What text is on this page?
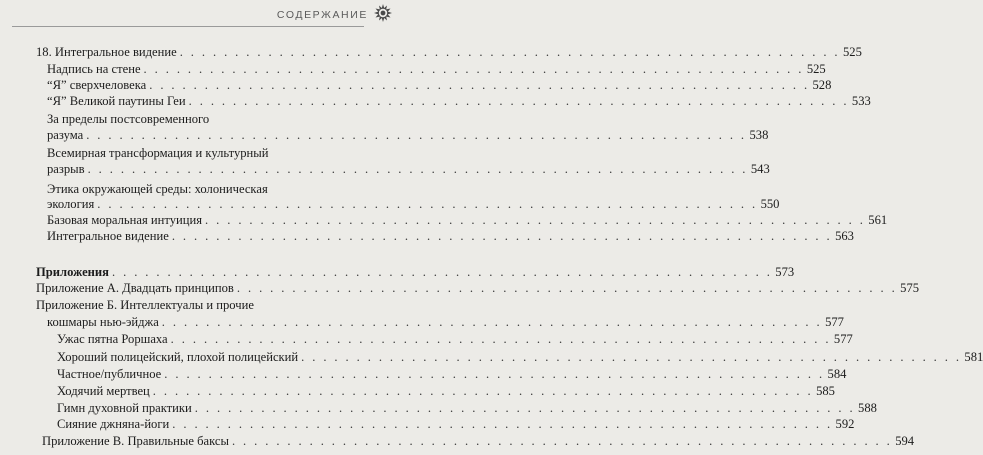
СОДЕРЖАНИЕ
18. Интегральное видение . . . . . . . . . . . . . . . . . . . . . . . . . . . . . . . . . . . . . . . . . . . . . . . . . . . . . . . . . . . . 525
Надпись на стене . . . . . . . . . . . . . . . . . . . . . . . . . . . . . . . . . . . . . . . . . . . . . . . . . . . . . . . . . . . . 525
“Я” сверхчеловека . . . . . . . . . . . . . . . . . . . . . . . . . . . . . . . . . . . . . . . . . . . . . . . . . . . . . . . . . . . . 528
“Я” Великой паутины Геи . . . . . . . . . . . . . . . . . . . . . . . . . . . . . . . . . . . . . . . . . . . . . . . . . . . . . . . . . . . . 533
За пределы постсовременного
разума . . . . . . . . . . . . . . . . . . . . . . . . . . . . . . . . . . . . . . . . . . . . . . . . . . . . . . . . . . . . 538
Всемирная трансформация и культурный
разрыв . . . . . . . . . . . . . . . . . . . . . . . . . . . . . . . . . . . . . . . . . . . . . . . . . . . . . . . . . . . . 543
Этика окружающей среды: холоническая
экология . . . . . . . . . . . . . . . . . . . . . . . . . . . . . . . . . . . . . . . . . . . . . . . . . . . . . . . . . . . . 550
Базовая моральная интуиция . . . . . . . . . . . . . . . . . . . . . . . . . . . . . . . . . . . . . . . . . . . . . . . . . . . . . . . . . . . . 561
Интегральное видение . . . . . . . . . . . . . . . . . . . . . . . . . . . . . . . . . . . . . . . . . . . . . . . . . . . . . . . . . . . . 563
Приложения . . . . . . . . . . . . . . . . . . . . . . . . . . . . . . . . . . . . . . . . . . . . . . . . . . . . . . . . . . . . 573
Приложение А. Двадцать принципов . . . . . . . . . . . . . . . . . . . . . . . . . . . . . . . . . . . . . . . . . . . . . . . . . . . . . . . . . . . . 575
Приложение Б. Интеллектуалы и прочие
кошмары нью-эйджа . . . . . . . . . . . . . . . . . . . . . . . . . . . . . . . . . . . . . . . . . . . . . . . . . . . . . . . . . . . . 577
Ужас пятна Роршаха . . . . . . . . . . . . . . . . . . . . . . . . . . . . . . . . . . . . . . . . . . . . . . . . . . . . . . . . . . . . 577
Хороший полицейский, плохой полицейский . . . . . . . . . . . . . . . . . . . . . . . . . . . . . . . . . . . . . . . . . . . . . . . . . . . . . . . . . . . . 581
Частное/публичное . . . . . . . . . . . . . . . . . . . . . . . . . . . . . . . . . . . . . . . . . . . . . . . . . . . . . . . . . . . . 584
Ходячий мертвец . . . . . . . . . . . . . . . . . . . . . . . . . . . . . . . . . . . . . . . . . . . . . . . . . . . . . . . . . . . . 585
Гимн духовной практики . . . . . . . . . . . . . . . . . . . . . . . . . . . . . . . . . . . . . . . . . . . . . . . . . . . . . . . . . . . . 588
Сияние джняна-йоги . . . . . . . . . . . . . . . . . . . . . . . . . . . . . . . . . . . . . . . . . . . . . . . . . . . . . . . . . . . . 592
Приложение В. Правильные баксы . . . . . . . . . . . . . . . . . . . . . . . . . . . . . . . . . . . . . . . . . . . . . . . . . . . . . . . . . . . . 594
